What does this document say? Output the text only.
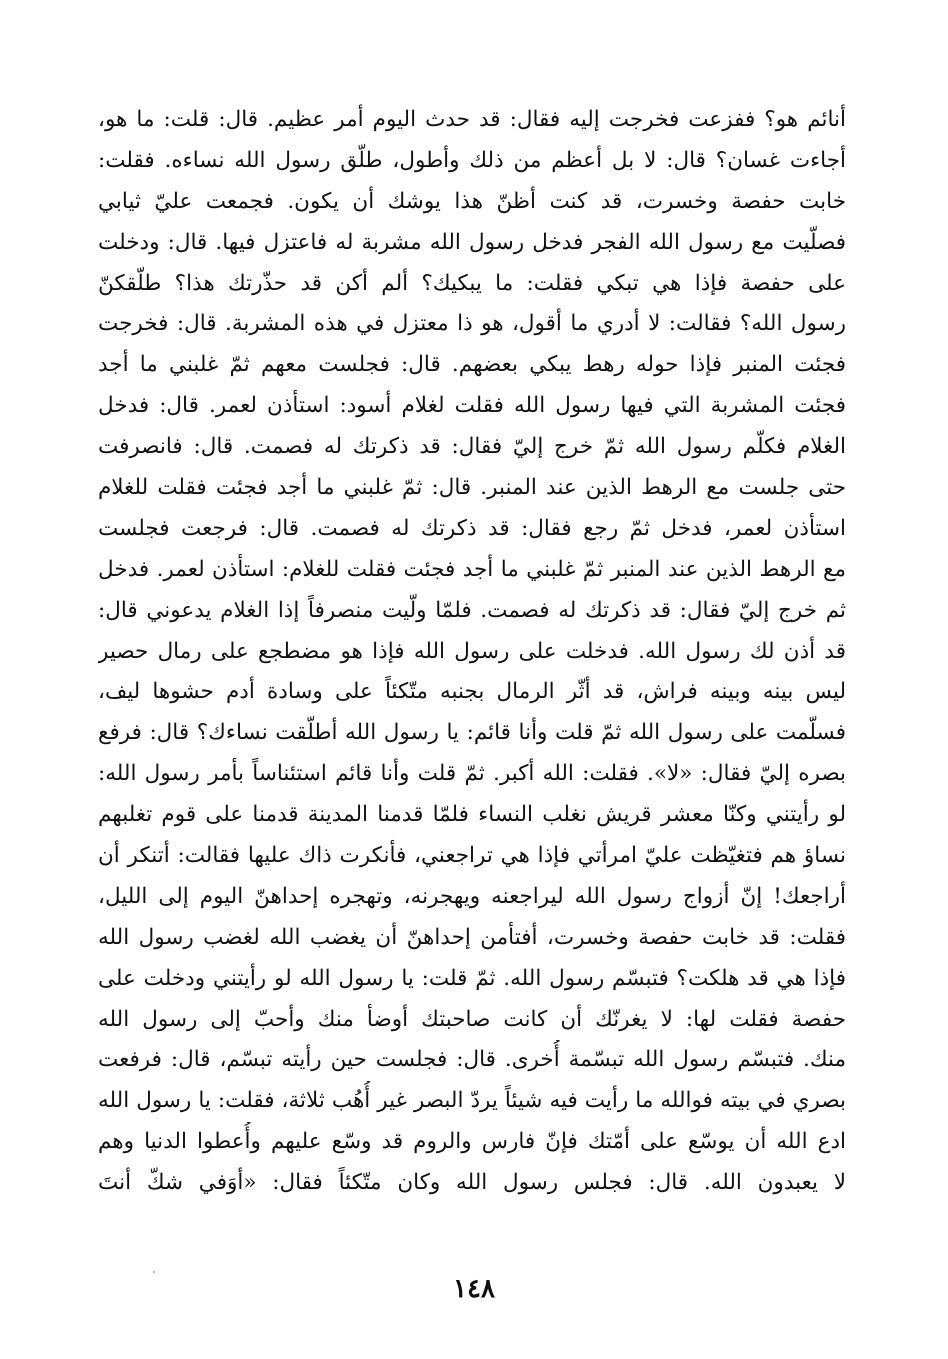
أنائم هو؟ ففزعت فخرجت إليه فقال: قد حدث اليوم أمر عظيم. قال: قلت: ما هو،
أجاءت غسان؟ قال: لا بل أعظم من ذلك وأطول، طلّق رسول الله نساءه. فقلت:
خابت حفصة وخسرت، قد كنت أظنّ هذا يوشك أن يكون. فجمعت عليّ ثيابي
فصلّيت مع رسول الله الفجر فدخل رسول الله مشربة له فاعتزل فيها. قال: ودخلت
على حفصة فإذا هي تبكي فقلت: ما يبكيك؟ ألم أكن قد حذّرتك هذا؟ طلّقكنّ
رسول الله؟ فقالت: لا أدري ما أقول، هو ذا معتزل في هذه المشربة. قال: فخرجت
فجئت المنبر فإذا حوله رهط يبكي بعضهم. قال: فجلست معهم ثمّ غلبني ما أجد
فجئت المشربة التي فيها رسول الله فقلت لغلام أسود: استأذن لعمر. قال: فدخل
الغلام فكلّم رسول الله ثمّ خرج إليّ فقال: قد ذكرتك له فصمت. قال: فانصرفت
حتى جلست مع الرهط الذين عند المنبر. قال: ثمّ غلبني ما أجد فجئت فقلت للغلام
استأذن لعمر، فدخل ثمّ رجع فقال: قد ذكرتك له فصمت. قال: فرجعت فجلست
مع الرهط الذين عند المنبر ثمّ غلبني ما أجد فجئت فقلت للغلام: استأذن لعمر. فدخل
ثم خرج إليّ فقال: قد ذكرتك له فصمت. فلمّا ولّيت منصرفاً إذا الغلام يدعوني قال:
قد أذن لك رسول الله. فدخلت على رسول الله فإذا هو مضطجع على رمال حصير
ليس بينه وبينه فراش، قد أثّر الرمال بجنبه متّكئاً على وسادة أدم حشوها ليف،
فسلّمت على رسول الله ثمّ قلت وأنا قائم: يا رسول الله أطلّقت نساءك؟ قال: فرفع
بصره إليّ فقال: «لا». فقلت: الله أكبر. ثمّ قلت وأنا قائم استئناساً بأمر رسول الله:
لو رأيتني وكنّا معشر قريش نغلب النساء فلمّا قدمنا المدينة قدمنا على قوم تغلبهم
نساؤ هم فتغيّظت عليّ امرأتي فإذا هي تراجعني، فأنكرت ذاك عليها فقالت: أتنكر أن
أراجعك! إنّ أزواج رسول الله ليراجعنه ويهجرنه، وتهجره إحداهنّ اليوم إلى الليل،
فقلت: قد خابت حفصة وخسرت، أفتأمن إحداهنّ أن يغضب الله لغضب رسول الله
فإذا هي قد هلكت؟ فتبسّم رسول الله. ثمّ قلت: يا رسول الله لو رأيتني ودخلت على
حفصة فقلت لها: لا يغرنّك أن كانت صاحبتك أوضأ منك وأحبّ إلى رسول الله
منك. فتبسّم رسول الله تبسّمة أُخرى. قال: فجلست حين رأيته تبسّم، قال: فرفعت
بصري في بيته فوالله ما رأيت فيه شيئاً يردّ البصر غير أُهُب ثلاثة، فقلت: يا رسول الله
ادع الله أن يوسّع على أمّتك فإنّ فارس والروم قد وسّع عليهم وأُعطوا الدنيا وهم
لا يعبدون الله. قال: فجلس رسول الله وكان متّكئاً فقال: «أوَفي شكّ أنتَ
١٤٨
